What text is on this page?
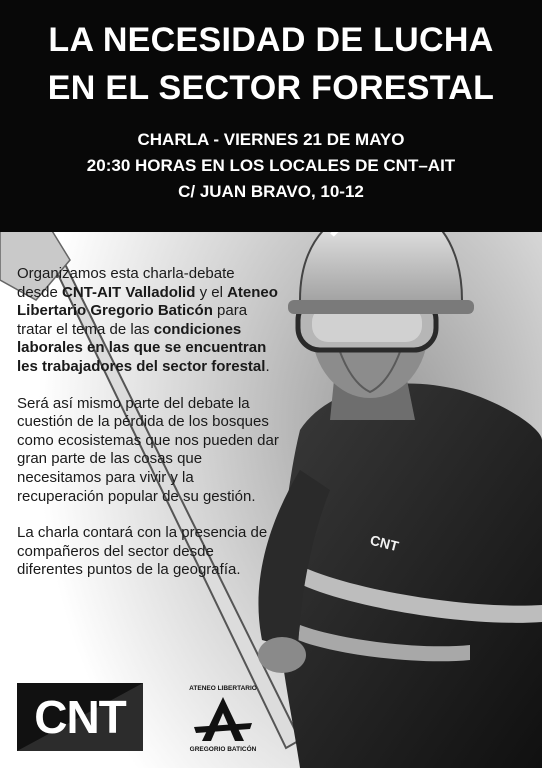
LA NECESIDAD DE LUCHA
EN EL SECTOR FORESTAL

CHARLA - VIERNES 21 DE MAYO

20:30 HORAS EN LOS LOCALES DE CNT–AIT

C/ JUAN BRAVO, 10-12

Organizamos esta charla-debate desde CNT-AIT Valladolid y el Ateneo Libertario Gregorio Baticón para tratar el tema de las condiciones laborales en las que se encuentran les trabajadores del sector forestal.

Será así mismo parte del debate la cuestión de la pérdida de los bosques como ecosistemas que nos pueden dar gran parte de las cosas que necesitamos para vivir y la recuperación popular de su gestión.

La charla contará con la presencia de compañeros del sector desde diferentes puntos de la geografía.

CNT
CNT
ATENEO LIBERTARIO
GREGORIO BATICÓN
